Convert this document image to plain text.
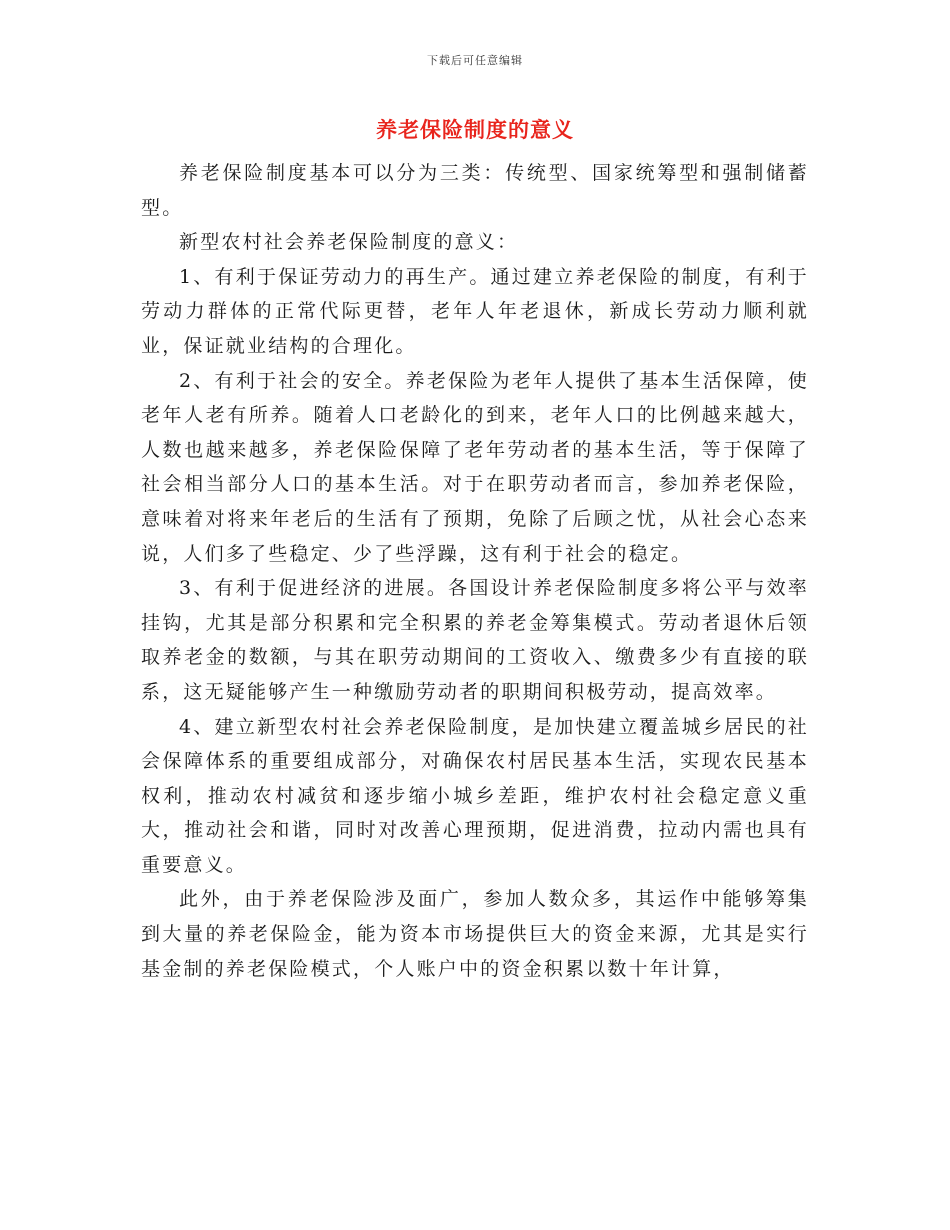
下载后可任意编辑
养老保险制度的意义

养老保险制度基本可以分为三类：传统型、国家统筹型和强制储蓄型。

新型农村社会养老保险制度的意义：

1、有利于保证劳动力的再生产。通过建立养老保险的制度，有利于劳动力群体的正常代际更替，老年人年老退休，新成长劳动力顺利就业，保证就业结构的合理化。

2、有利于社会的安全。养老保险为老年人提供了基本生活保障，使老年人老有所养。随着人口老龄化的到来，老年人口的比例越来越大，人数也越来越多，养老保险保障了老年劳动者的基本生活，等于保障了社会相当部分人口的基本生活。对于在职劳动者而言，参加养老保险，意味着对将来年老后的生活有了预期，免除了后顾之忧，从社会心态来说，人们多了些稳定、少了些浮躁，这有利于社会的稳定。

3、有利于促进经济的进展。各国设计养老保险制度多将公平与效率挂钩，尤其是部分积累和完全积累的养老金筹集模式。劳动者退休后领取养老金的数额，与其在职劳动期间的工资收入、缴费多少有直接的联系，这无疑能够产生一种缴励劳动者的职期间积极劳动，提高效率。

4、建立新型农村社会养老保险制度，是加快建立覆盖城乡居民的社会保障体系的重要组成部分，对确保农村居民基本生活，实现农民基本权利，推动农村减贫和逐步缩小城乡差距，维护农村社会稳定意义重大，推动社会和谐，同时对改善心理预期，促进消费，拉动内需也具有重要意义。

此外，由于养老保险涉及面广，参加人数众多，其运作中能够筹集到大量的养老保险金，能为资本市场提供巨大的资金来源，尤其是实行基金制的养老保险模式，个人账户中的资金积累以数十年计算，
